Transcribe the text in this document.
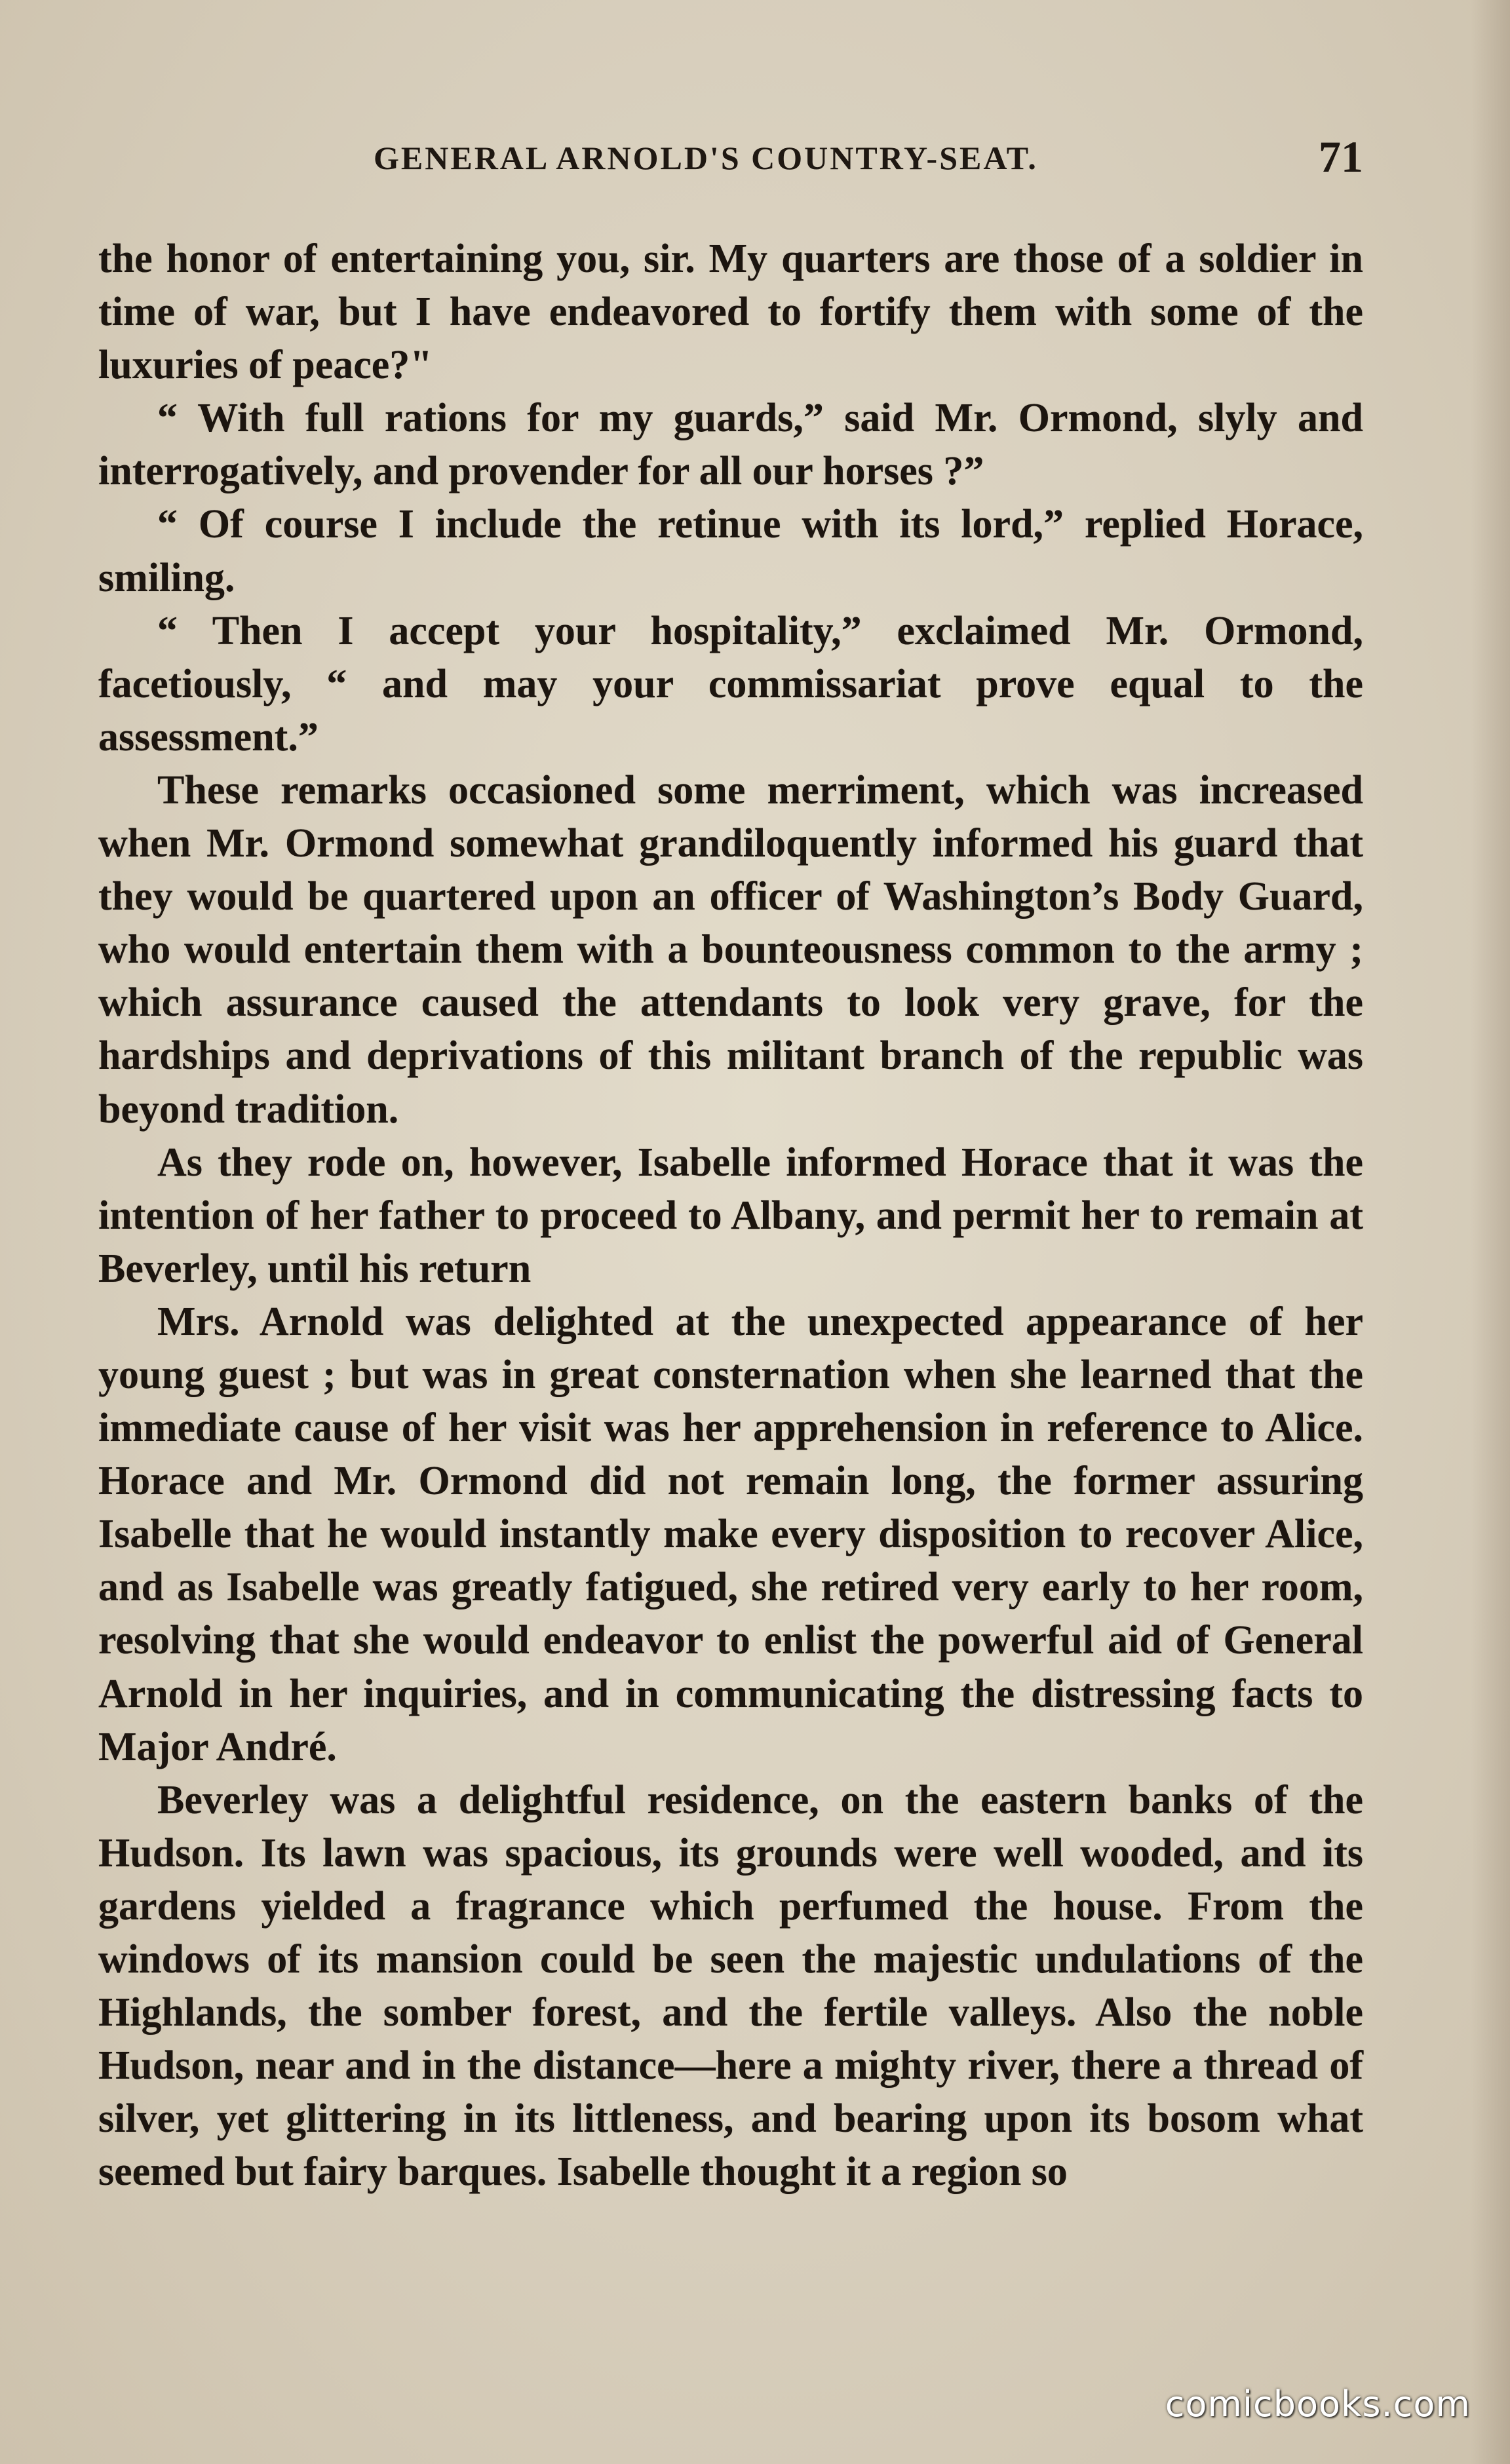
GENERAL ARNOLD'S COUNTRY-SEAT.	71

the honor of entertaining you, sir. My quarters are those of a soldier in time of war, but I have endeavored to fortify them with some of the luxuries of peace?"

“ With full rations for my guards,” said Mr. Ormond, slyly and interrogatively, and provender for all our horses ?”

“ Of course I include the retinue with its lord,” replied Horace, smiling.

“ Then I accept your hospitality,” exclaimed Mr. Ormond, facetiously, “ and may your commissariat prove equal to the assessment.”

These remarks occasioned some merriment, which was increased when Mr. Ormond somewhat grandiloquently informed his guard that they would be quartered upon an officer of Washington’s Body Guard, who would entertain them with a bounteousness common to the army ; which assurance caused the attendants to look very grave, for the hardships and deprivations of this militant branch of the republic was beyond tradition.

As they rode on, however, Isabelle informed Horace that it was the intention of her father to proceed to Albany, and permit her to remain at Beverley, until his return

Mrs. Arnold was delighted at the unexpected appearance of her young guest ; but was in great consternation when she learned that the immediate cause of her visit was her apprehension in reference to Alice. Horace and Mr. Ormond did not remain long, the former assuring Isabelle that he would instantly make every disposition to recover Alice, and as Isabelle was greatly fatigued, she retired very early to her room, resolving that she would endeavor to enlist the powerful aid of General Arnold in her inquiries, and in communicating the distressing facts to Major André.

Beverley was a delightful residence, on the eastern banks of the Hudson. Its lawn was spacious, its grounds were well wooded, and its gardens yielded a fragrance which perfumed the house. From the windows of its mansion could be seen the majestic undulations of the Highlands, the somber forest, and the fertile valleys. Also the noble Hudson, near and in the distance—here a mighty river, there a thread of silver, yet glittering in its littleness, and bearing upon its bosom what seemed but fairy barques. Isabelle thought it a region so

comicbooks.com
